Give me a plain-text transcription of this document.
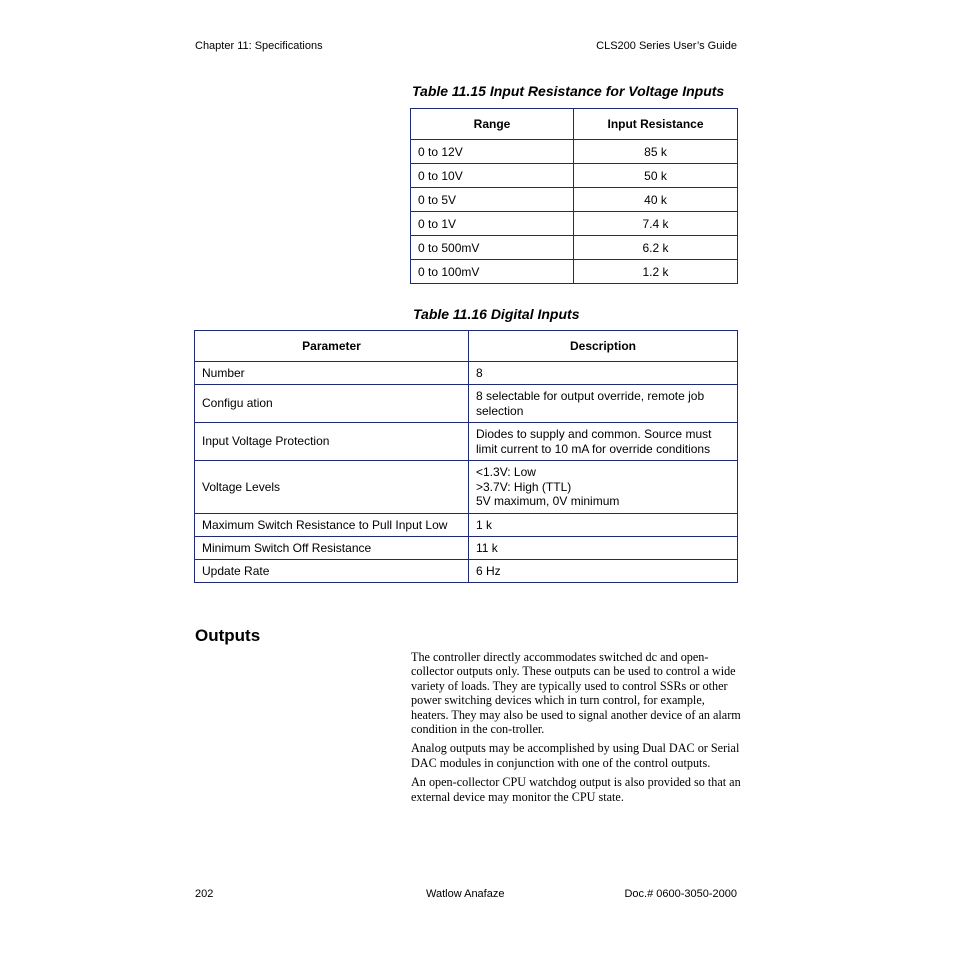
Chapter 11: Specifications	CLS200 Series User’s Guide
Table 11.15 Input Resistance for Voltage Inputs
Range	Input Resistance
0 to 12V	85 k
0 to 10V	50 k
0 to 5V	40 k
0 to 1V	7.4 k
0 to 500mV	6.2 k
0 to 100mV	1.2 k
Table 11.16 Digital Inputs
Parameter	Description
Number	8

Configu ation	8 selectable for output override, remote job
selection

Input Voltage Protection	Diodes to supply and common. Source must
limit current to 10 mA for override conditions

Voltage Levels	<1.3V: Low
>3.7V: High (TTL)
5V maximum, 0V minimum

Maximum Switch Resistance to Pull Input Low	1 k

Minimum Switch Off Resistance	11 k

Update Rate	6 Hz
Outputs

The controller directly accommodates switched dc and open-collector outputs only. These outputs can be used to control a wide variety of loads. They are typically used to control SSRs or other power switching devices which in turn control, for example, heaters. They may also be used to signal another device of an alarm condition in the con-troller.

Analog outputs may be accomplished by using Dual DAC or Serial DAC modules in conjunction with one of the control outputs.

An open-collector CPU watchdog output is also provided so that an external device may monitor the CPU state.

202	Watlow Anafaze	Doc.# 0600-3050-2000
